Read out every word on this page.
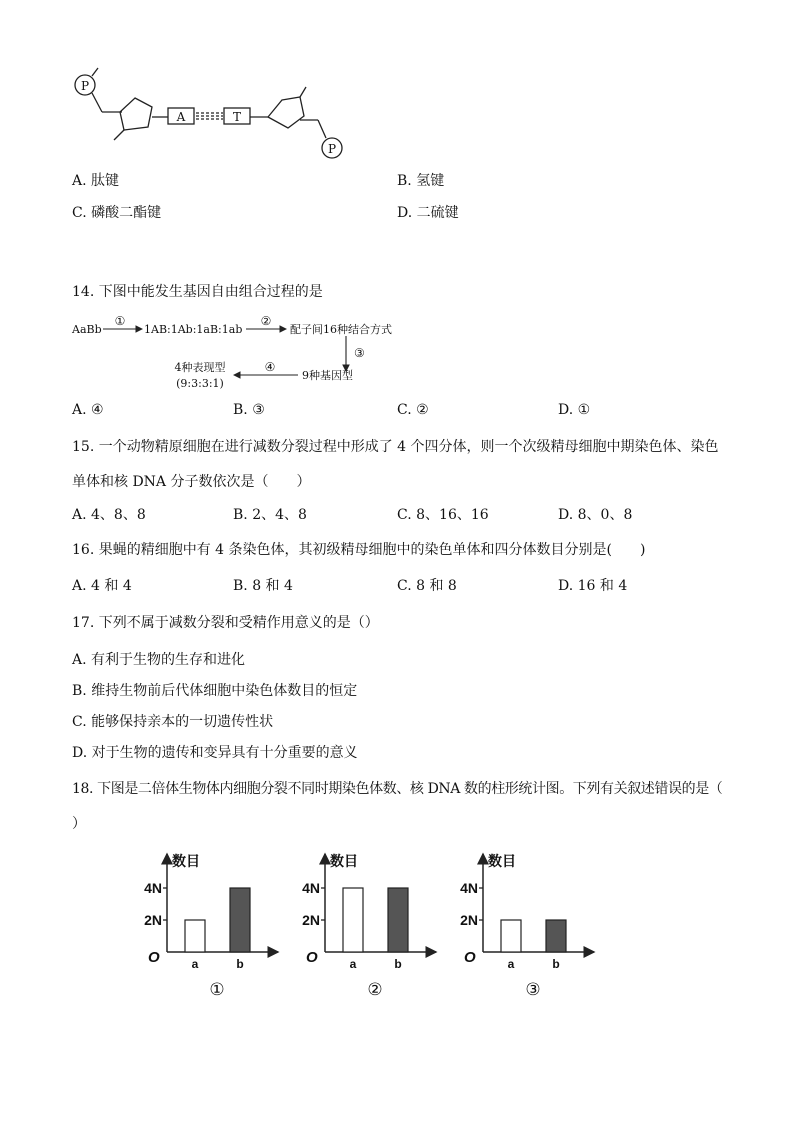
P
A	T
P
A. 肽键	B. 氢键
C. 磷酸二酯键	D. 二硫键
14. 下图中能发生基因自由组合过程的是
AaBb
①
1AB:1Ab:1aB:1ab
②
配子间16种结合方式
③
9种基因型
④
4种表现型
(9:3:3:1)
A. ④	B. ③	C. ②	D. ①
15. 一个动物精原细胞在进行减数分裂过程中形成了 4 个四分体，则一个次级精母细胞中期染色体、染色
单体和核 DNA 分子数依次是（　　）
A. 4、8、8	B. 2、4、8	C. 8、16、16	D. 8、0、8
16. 果蝇的精细胞中有 4 条染色体，其初级精母细胞中的染色单体和四分体数目分别是(　　)
A. 4 和 4	B. 8 和 4	C. 8 和 8	D. 16 和 4
17. 下列不属于减数分裂和受精作用意义的是（）
A. 有利于生物的生存和进化
B. 维持生物前后代体细胞中染色体数目的恒定
C. 能够保持亲本的一切遗传性状
D. 对于生物的遗传和变异具有十分重要的意义
18. 下图是二倍体生物体内细胞分裂不同时期染色体数、核 DNA 数的柱形统计图。下列有关叙述错误的是（
）
数目
O
2N
4N
a	b
①
数目
O
2N
4N
a	b
②
数目
O
2N
4N
a	b
③
